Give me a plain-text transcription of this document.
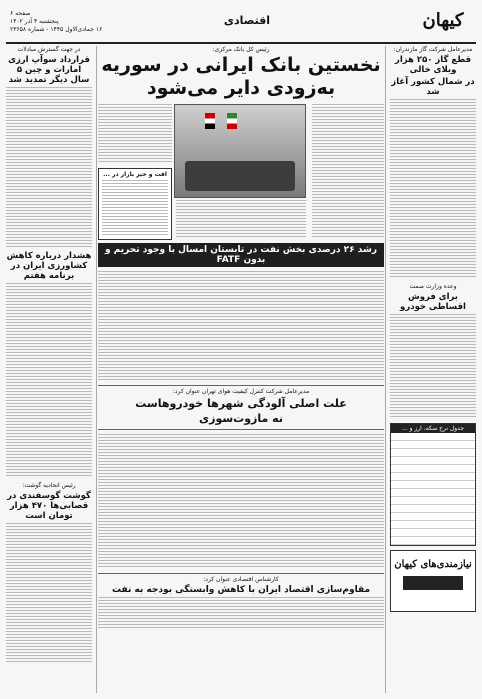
کیهان
اقتصادی
صفحه ۶
پنجشنبه ۴ آذر ۱۴۰۲
۱۶ جمادی‌الاول ۱۴۴۵ - شماره ۲۳۶۵۸
مدیرعامل شرکت گاز مازندران:
قطع گاز ۲۵۰ هزار ویلای خالی
در شمال کشور آغاز شد
وعده وزارت صمت
برای فروش اقساطی خودرو
جدول نرخ سکه، ارز و ...

نیازمندی‌های کیهان
در جهت گسترش مبادلات
قرارداد سوآپ ارزی امارات و چین ۵ سال دیگر تمدید شد
هشدار درباره کاهش کشاورزی ایران در برنامه هفتم
رئیس اتحادیه گوشت:
گوشت گوسفندی در قصابی‌ها ۴۷۰ هزار تومان است
رئیس کل بانک مرکزی:
نخستین بانک ایرانی در سوریه
به‌زودی دایر می‌شود
افت و خیز بازار در ...
رشد ۲۶ درصدی بخش نفت در تابستان امسال با وجود تحریم و بدون FATF
مدیرعامل شرکت کنترل کیفیت هوای تهران عنوان کرد:
علت اصلی آلودگی شهرها خودروهاست
نه مازوت‌سوزی
کارشناس اقتصادی عنوان کرد:
مقاوم‌سازی اقتصاد ایران با کاهش وابستگی بودجه به نفت
